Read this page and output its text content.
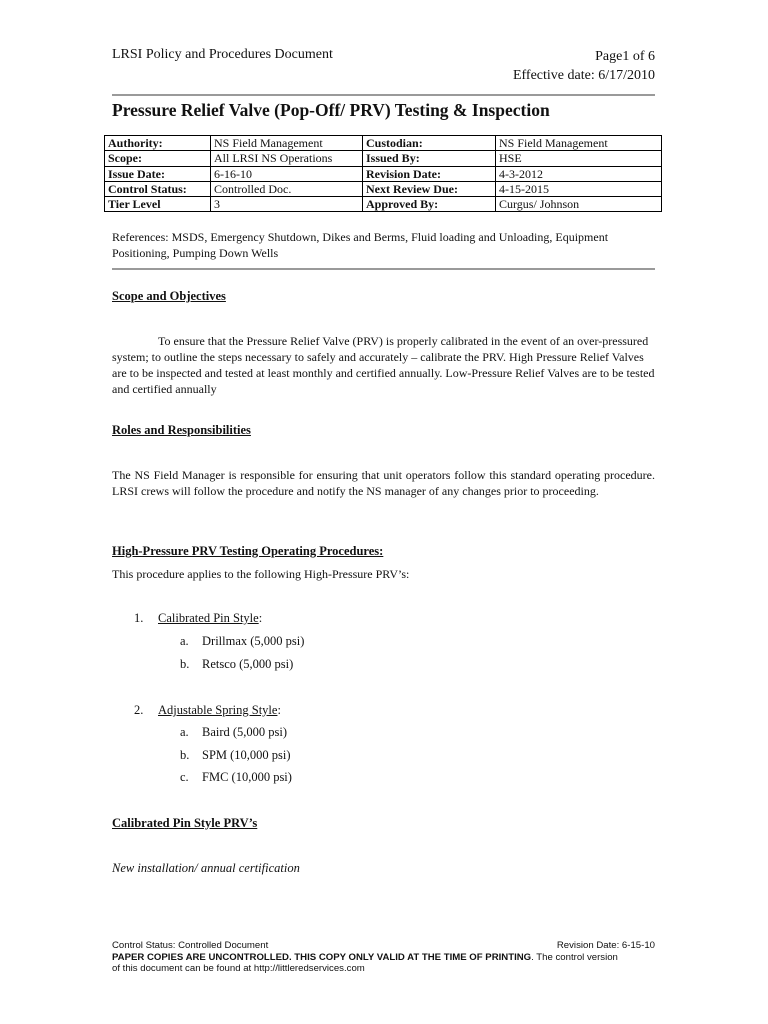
LRSI Policy and Procedures Document	Page1 of 6
Effective date: 6/17/2010
Pressure Relief Valve (Pop-Off/ PRV) Testing & Inspection
Authority:	NS Field Management	Custodian:	NS Field Management
Scope:	All LRSI NS Operations	Issued By:	HSE
Issue Date:	6-16-10	Revision Date:	4-3-2012
Control Status:	Controlled Doc.	Next Review Due:	4-15-2015
Tier Level	3	Approved By:	Curgus/ Johnson
References: MSDS, Emergency Shutdown, Dikes and Berms, Fluid loading and Unloading, Equipment Positioning, Pumping Down Wells
Scope and Objectives
To ensure that the Pressure Relief Valve (PRV) is properly calibrated in the event of an over-pressured system; to outline the steps necessary to safely and accurately – calibrate the PRV. High Pressure Relief Valves are to be inspected and tested at least monthly and certified annually. Low-Pressure Relief Valves are to be tested and certified annually
Roles and Responsibilities
The NS Field Manager is responsible for ensuring that unit operators follow this standard operating procedure. LRSI crews will follow the procedure and notify the NS manager of any changes prior to proceeding.
High-Pressure PRV Testing Operating Procedures:
This procedure applies to the following High-Pressure PRV’s:
1. Calibrated Pin Style:
a. Drillmax (5,000 psi)
b. Retsco (5,000 psi)
2. Adjustable Spring Style:
a. Baird (5,000 psi)
b. SPM (10,000 psi)
c. FMC (10,000 psi)
Calibrated Pin Style PRV’s
New installation/ annual certification
Control Status: Controlled Document	Revision Date: 6-15-10
PAPER COPIES ARE UNCONTROLLED. THIS COPY ONLY VALID AT THE TIME OF PRINTING. The control version
of this document can be found at http://littleredservices.com
